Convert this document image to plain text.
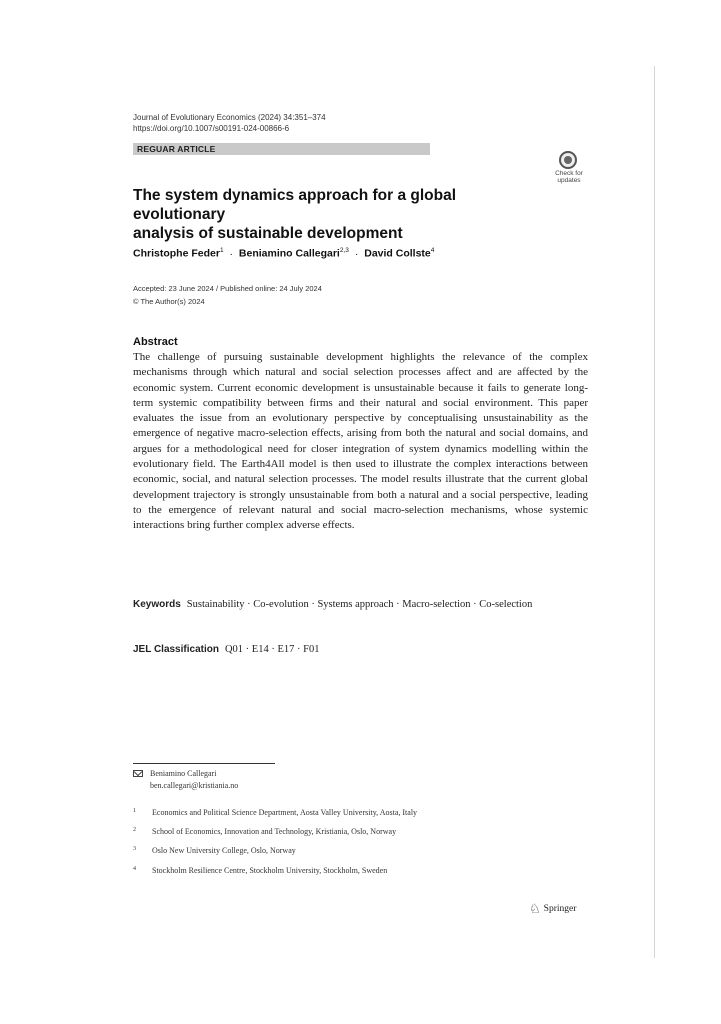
Journal of Evolutionary Economics (2024) 34:351–374
https://doi.org/10.1007/s00191-024-00866-6
REGUAR ARTICLE
Check for
updates
The system dynamics approach for a global evolutionary
analysis of sustainable development
Christophe Feder$^1$ · Beniamino Callegari$^{2,3}$ · David Collste$^4$
Accepted: 23 June 2024 / Published online: 24 July 2024
© The Author(s) 2024
Abstract
The challenge of pursuing sustainable development highlights the relevance of the complex mechanisms through which natural and social selection processes affect and are affected by the economic system. Current economic development is unsustainable because it fails to generate long-term systemic compatibility between firms and their natural and social environment. This paper evaluates the issue from an evolutionary perspective by conceptualising unsustainability as the emergence of negative macro-selection effects, arising from both the natural and social domains, and argues for a methodological need for closer integration of system dynamics modelling within the evolutionary field. The Earth4All model is then used to illustrate the complex interactions between economic, social, and natural selection processes. The model results illustrate that the current global development trajectory is strongly unsustainable from both a natural and a social perspective, leading to the emergence of relevant natural and social macro-selection mechanisms, whose systemic interactions bring further complex adverse effects.
Keywords Sustainability · Co-evolution · Systems approach · Macro-selection · Co-selection
JEL Classification Q01 · E14 · E17 · F01
Beniamino Callegari
ben.callegari@kristiania.no
1 Economics and Political Science Department, Aosta Valley University, Aosta, Italy
2 School of Economics, Innovation and Technology, Kristiania, Oslo, Norway
3 Oslo New University College, Oslo, Norway
4 Stockholm Resilience Centre, Stockholm University, Stockholm, Sweden
♘ Springer
